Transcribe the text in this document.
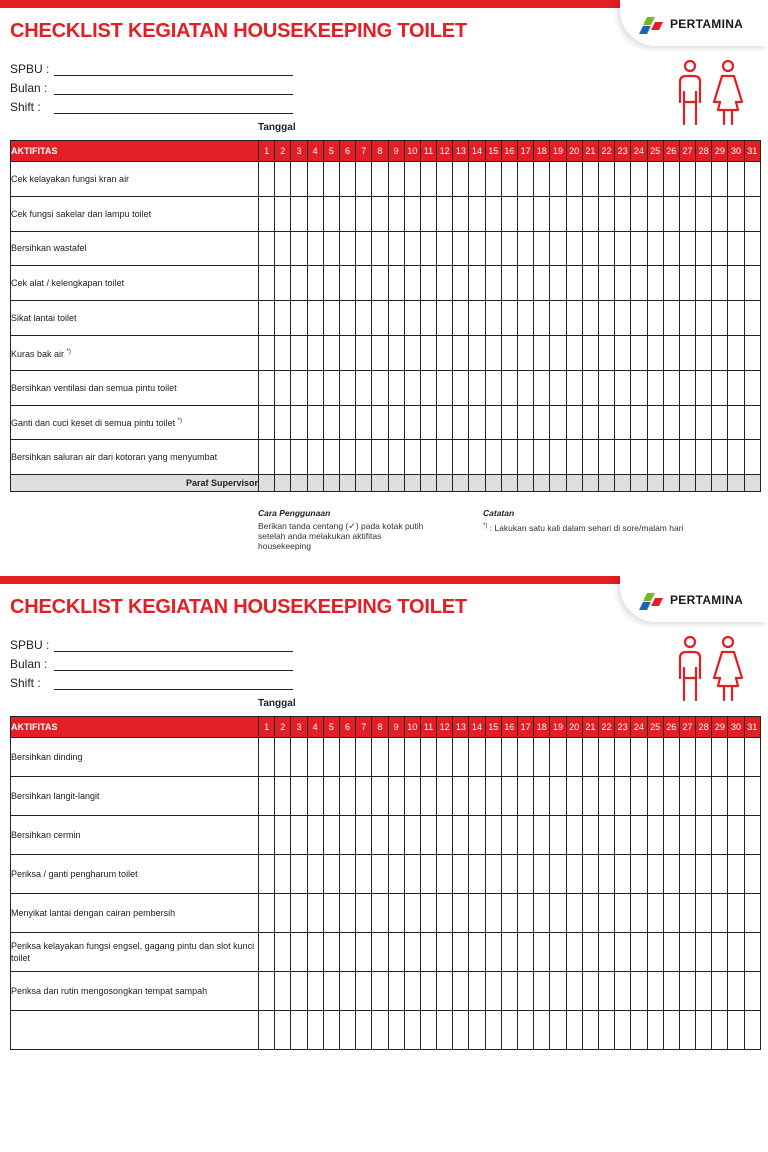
PERTAMINA
CHECKLIST KEGIATAN HOUSEKEEPING TOILET
SPBU :
Bulan :
Shift :
Tanggal
AKTIFITAS	1	2	3	4	5	6	7	8	9	10	11	12	13	14	15	16	17	18	19	20	21	22	23	24	25	26	27	28	29	30	31
Cek kelayakan fungsi kran air																															
Cek fungsi sakelar dan lampu toilet																															
Bersihkan wastafel																															
Cek alat / kelengkapan toilet																															
Sikat lantai toilet																															
Kuras bak air *)																															
Bersihkan ventilasi dan semua pintu toilet																															
Ganti dan cuci keset di semua pintu toilet *)																															
Bersihkan saluran air dari kotoran yang menyumbat																															
Paraf Supervisor																															
Cara Penggunaan
Berikan tanda centang (✓) pada kotak putih
setelah anda melakukan aktifitas
housekeeping
Catatan
*) : Lakukan satu kali dalam sehari di sore/malam hari
PERTAMINA
CHECKLIST KEGIATAN HOUSEKEEPING TOILET
SPBU :
Bulan :
Shift :
Tanggal
AKTIFITAS	1	2	3	4	5	6	7	8	9	10	11	12	13	14	15	16	17	18	19	20	21	22	23	24	25	26	27	28	29	30	31
Bersihkan dinding																															
Bersihkan langit-langit																															
Bersihkan cermin																															
Periksa / ganti pengharum toilet																															
Menyikat lantai dengan cairan pembersih																															
Periksa kelayakan fungsi engsel, gagang pintu dan slot kunci toilet																															
Periksa dan rutin mengosongkan tempat sampah																															
